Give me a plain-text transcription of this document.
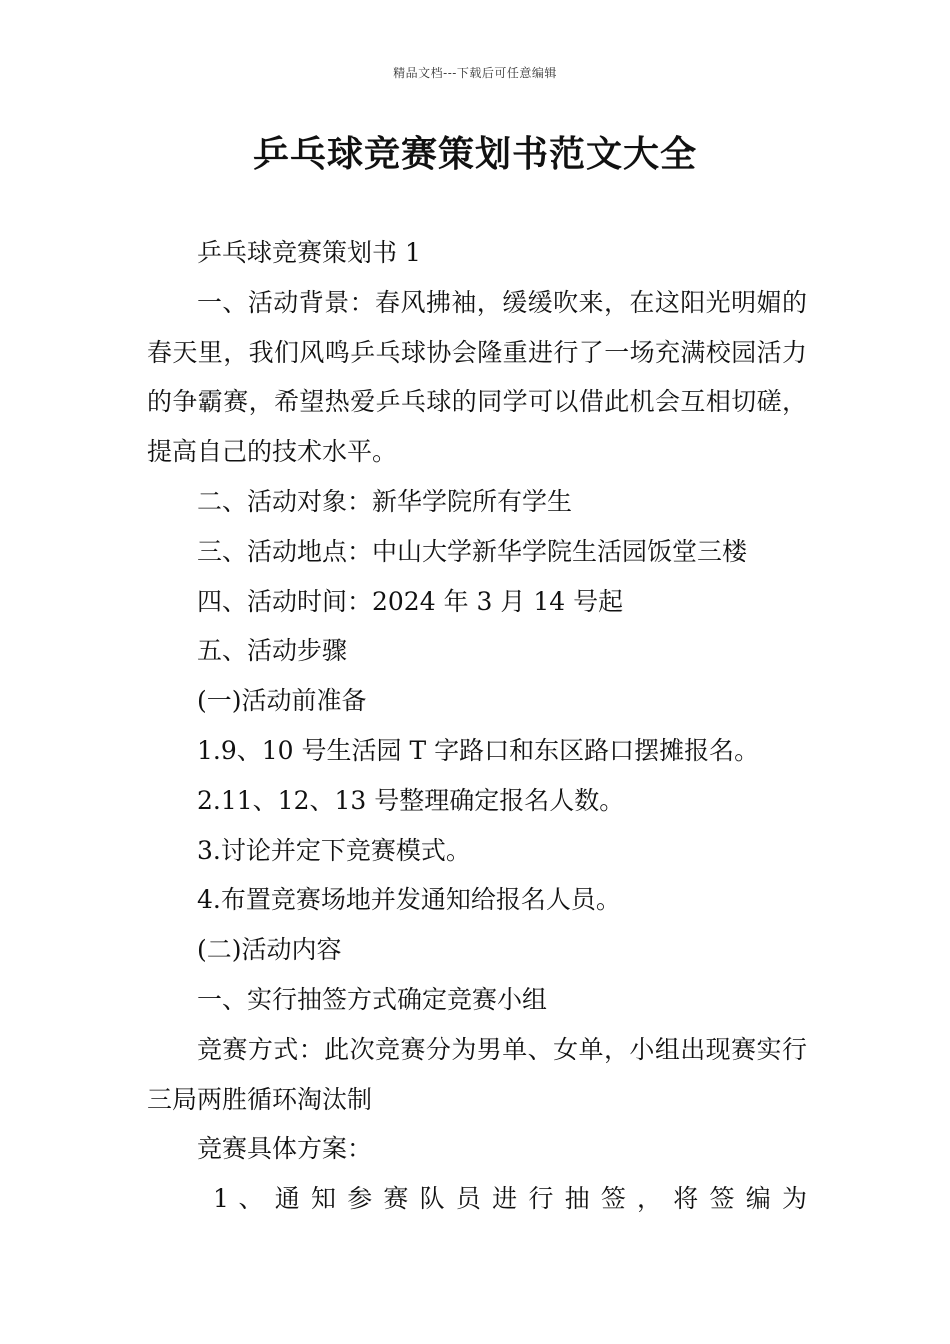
精品文档---下载后可任意编辑
乒乓球竞赛策划书范文大全

乒乓球竞赛策划书 1

一、活动背景：春风拂袖，缓缓吹来，在这阳光明媚的春天里，我们风鸣乒乓球协会隆重进行了一场充满校园活力的争霸赛，希望热爱乒乓球的同学可以借此机会互相切磋，提高自己的技术水平。

二、活动对象：新华学院所有学生

三、活动地点：中山大学新华学院生活园饭堂三楼

四、活动时间：2024 年 3 月 14 号起

五、活动步骤

(一)活动前准备

1.9、10 号生活园 T 字路口和东区路口摆摊报名。

2.11、12、13 号整理确定报名人数。

3.讨论并定下竞赛模式。

4.布置竞赛场地并发通知给报名人员。

(二)活动内容

一、实行抽签方式确定竞赛小组

竞赛方式：此次竞赛分为男单、女单，小组出现赛实行三局两胜循环淘汰制

竞赛具体方案：

1 、 通 知 参 赛 队 员 进 行 抽 签 ， 将 签 编 为
